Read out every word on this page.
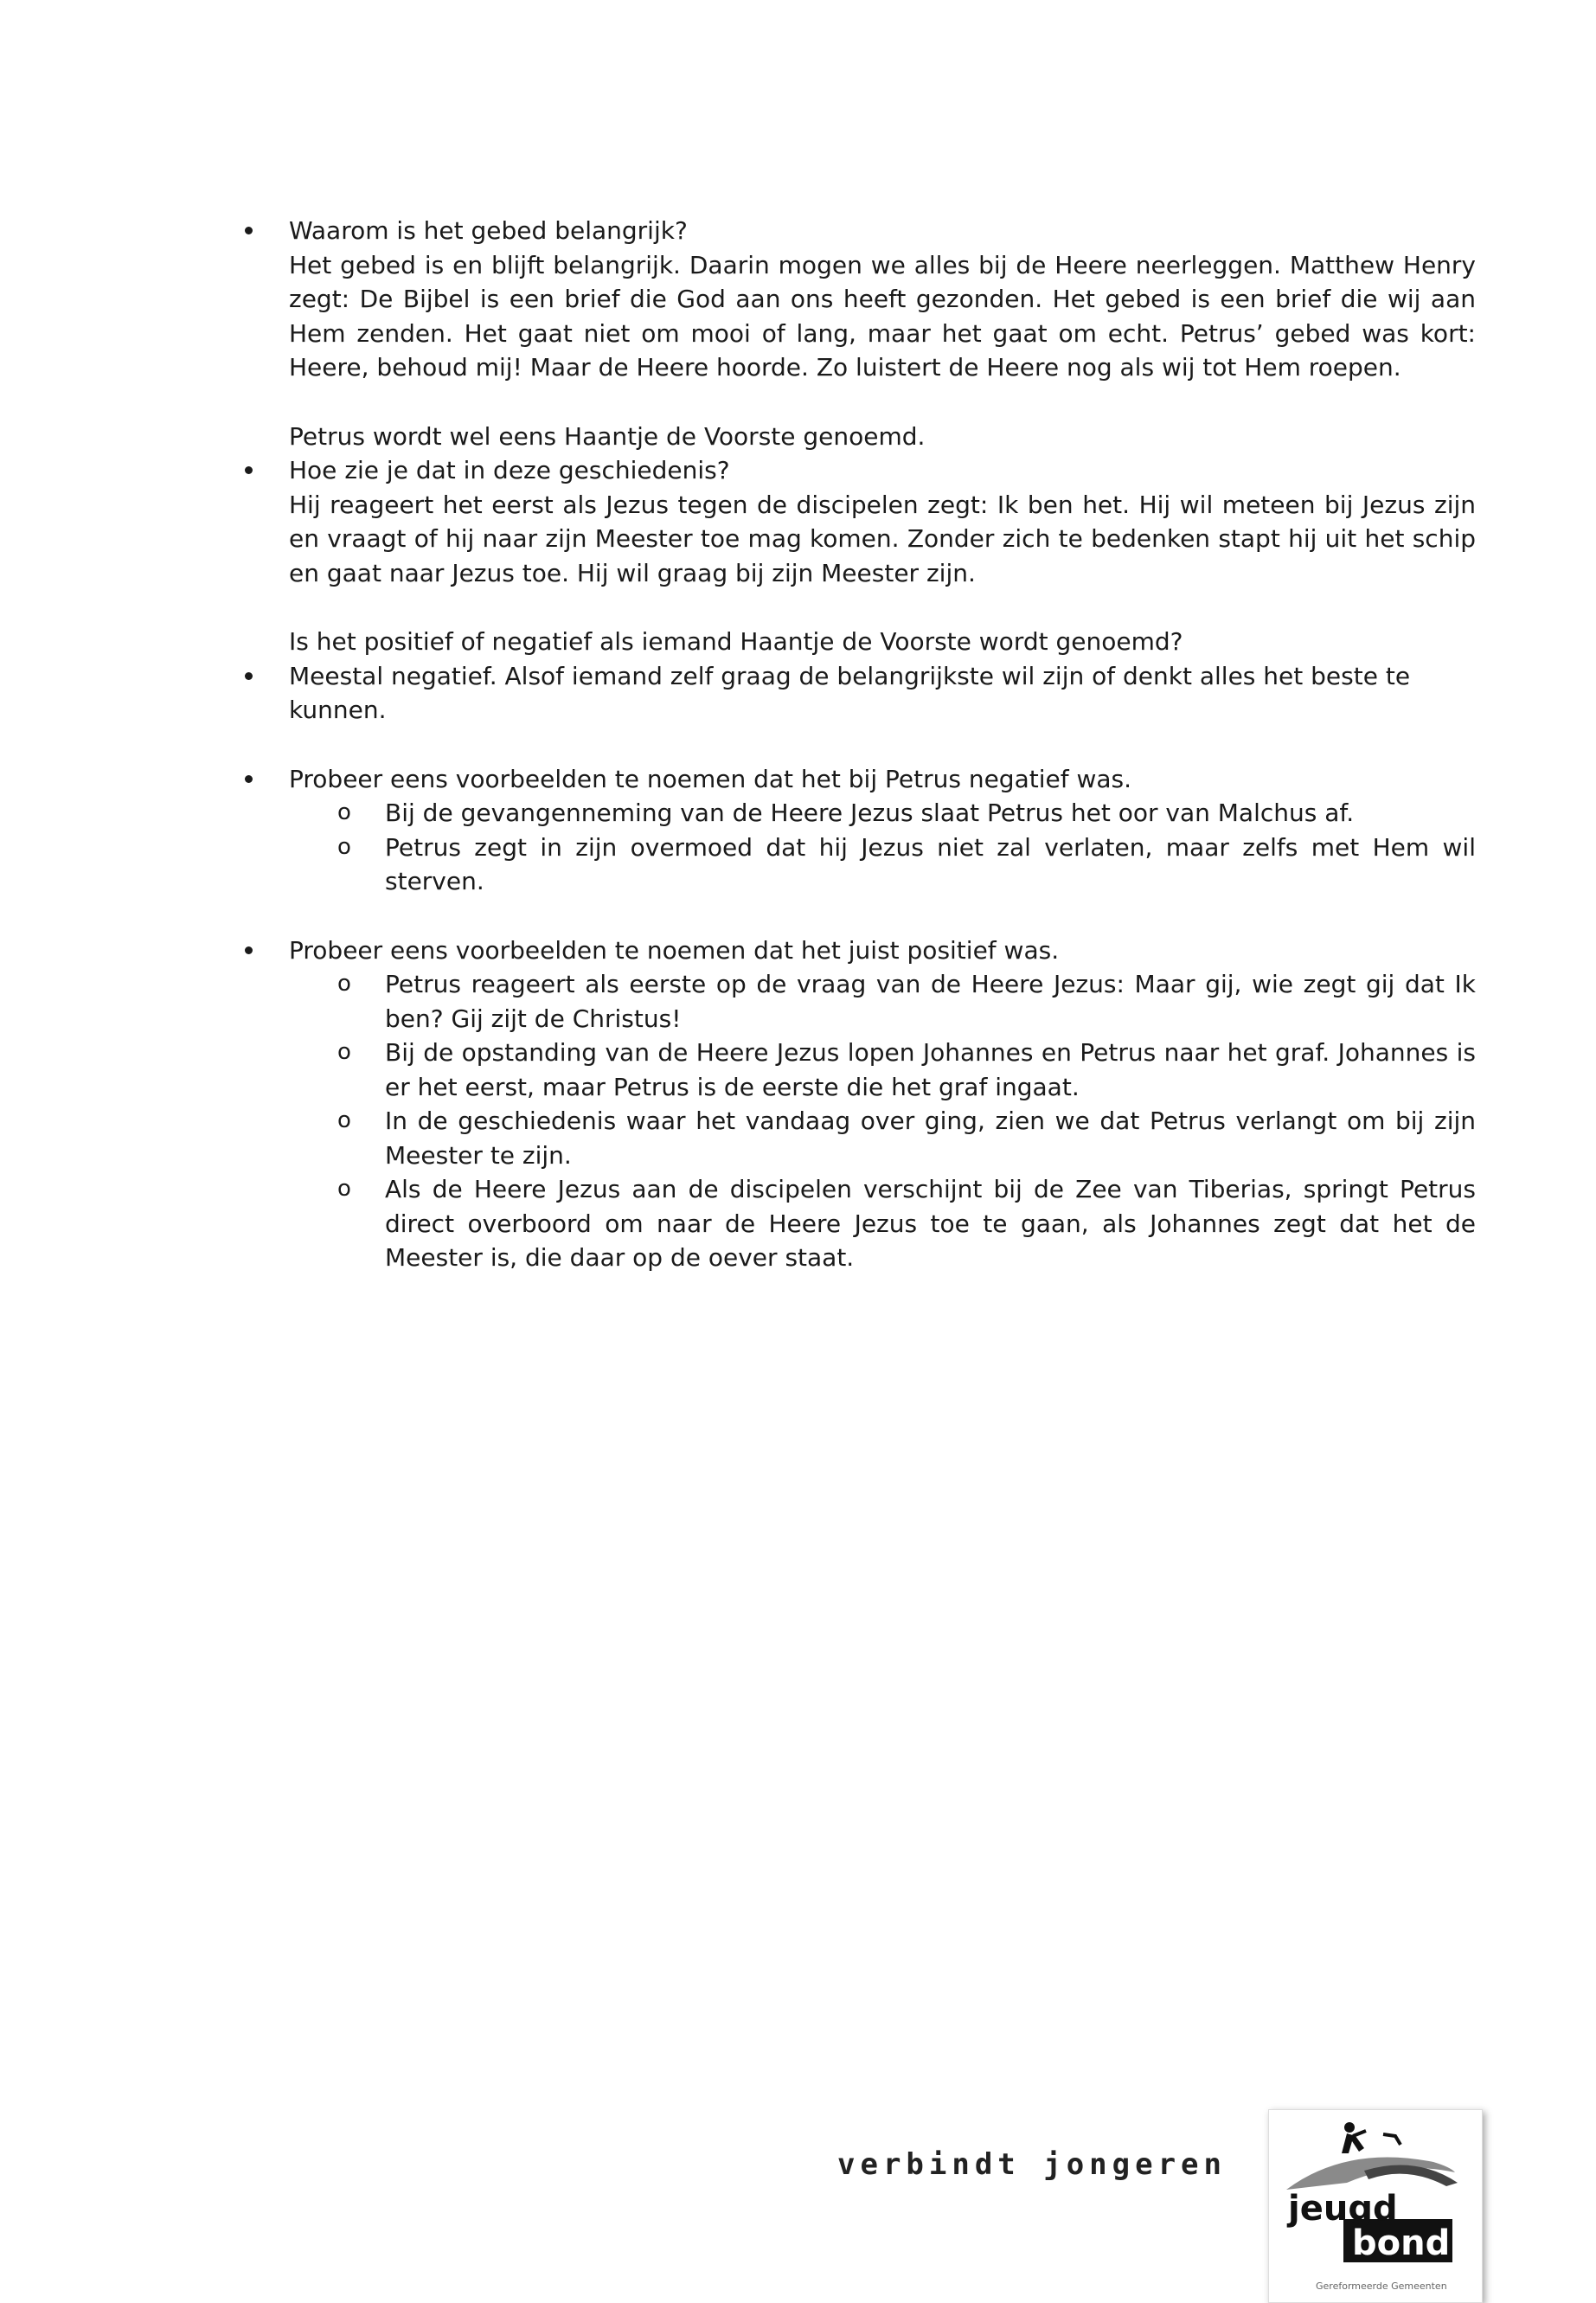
Waarom is het gebed belangrijk?

Het gebed is en blijft belangrijk. Daarin mogen we alles bij de Heere neerleggen. Matthew Henry zegt: De Bijbel is een brief die God aan ons heeft gezonden. Het gebed is een brief die wij aan Hem zenden. Het gaat niet om mooi of lang, maar het gaat om echt. Petrus’ gebed was kort: Heere, behoud mij! Maar de Heere hoorde. Zo luistert de Heere nog als wij tot Hem roepen.

Petrus wordt wel eens Haantje de Voorste genoemd.

Hoe zie je dat in deze geschiedenis?

Hij reageert het eerst als Jezus tegen de discipelen zegt: Ik ben het. Hij wil meteen bij Jezus zijn en vraagt of hij naar zijn Meester toe mag komen. Zonder zich te bedenken stapt hij uit het schip en gaat naar Jezus toe. Hij wil graag bij zijn Meester zijn.

Is het positief of negatief als iemand Haantje de Voorste wordt genoemd?

Meestal negatief. Alsof iemand zelf graag de belangrijkste wil zijn of denkt alles het beste te kunnen.
Probeer eens voorbeelden te noemen dat het bij Petrus negatief was.
o Bij de gevangenneming van de Heere Jezus slaat Petrus het oor van Malchus af.
o Petrus zegt in zijn overmoed dat hij Jezus niet zal verlaten, maar zelfs met Hem wil sterven.
Probeer eens voorbeelden te noemen dat het juist positief was.
o Petrus reageert als eerste op de vraag van de Heere Jezus: Maar gij, wie zegt gij dat Ik ben? Gij zijt de Christus!
o Bij de opstanding van de Heere Jezus lopen Johannes en Petrus naar het graf. Johannes is er het eerst, maar Petrus is de eerste die het graf ingaat.
o In de geschiedenis waar het vandaag over ging, zien we dat Petrus verlangt om bij zijn Meester te zijn.
o Als de Heere Jezus aan de discipelen verschijnt bij de Zee van Tiberias, springt Petrus direct overboord om naar de Heere Jezus toe te gaan, als Johannes zegt dat het de Meester is, die daar op de oever staat.
verbindt jongeren
jeugd
bond
Gereformeerde Gemeenten
